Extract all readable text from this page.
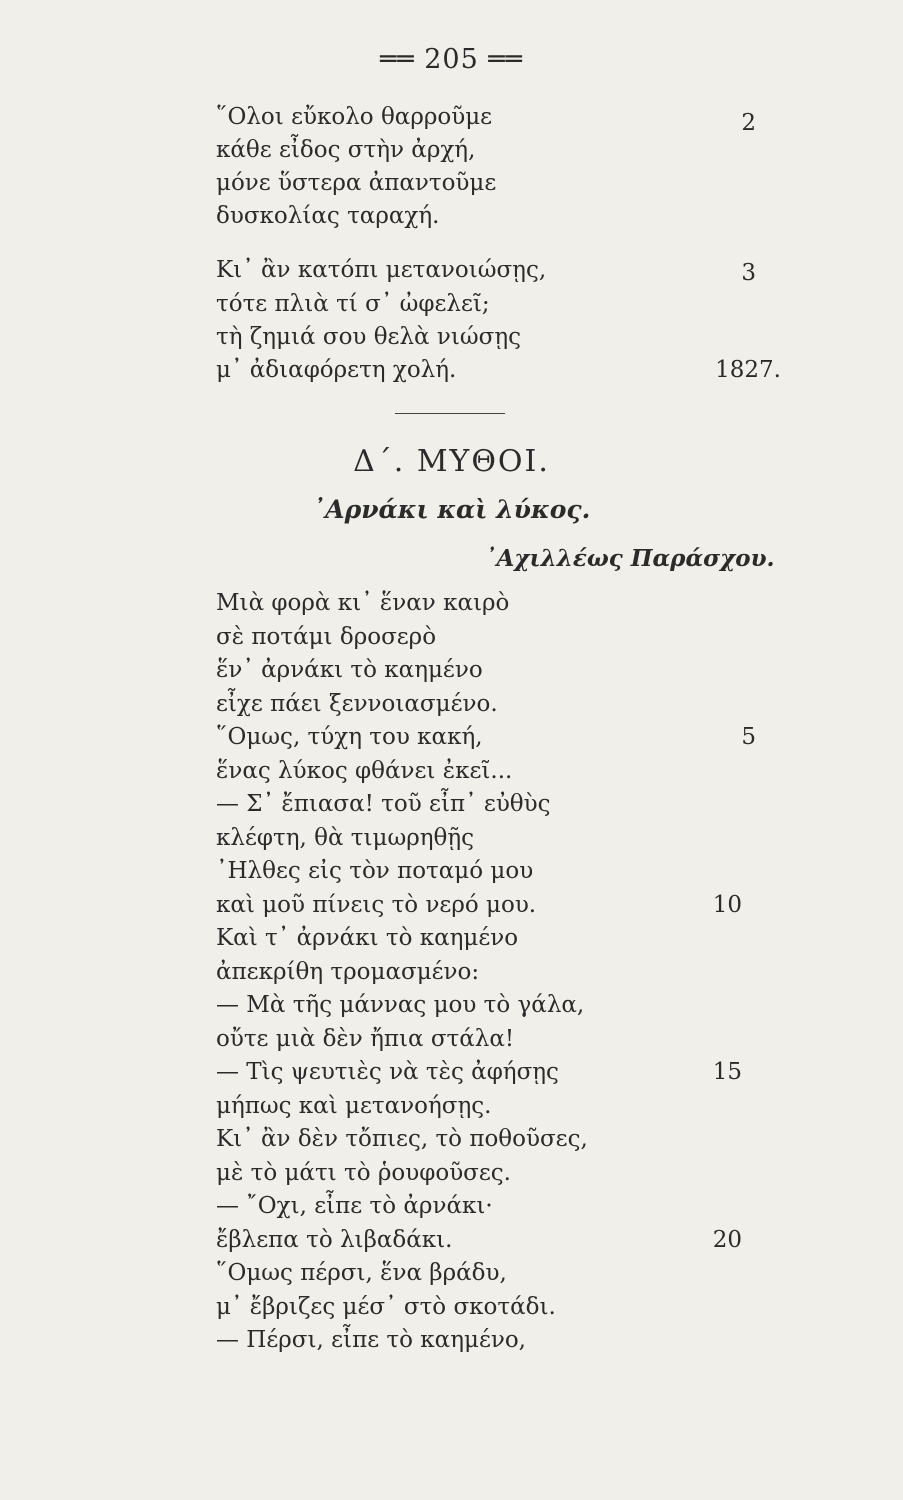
══ 205 ══
῞Ολοι εὔκολο θαρροῦμε
κάθε εἶδος στὴν ἀρχή,
μόνε ὕστερα ἀπαντοῦμε
δυσκολίας ταραχή.
2
Κι᾽ ἂν κατόπι μετανοιώσῃς,
τότε πλιὰ τί σ᾽ ὠφελεῖ;
τὴ ζημιά σου θελὰ νιώσῃς
μ᾽ ἀδιαφόρετη χολή.
3
1827.
Δ΄. ΜΥΘΟΙ.
᾿Αρνάκι καὶ λύκος.
᾿Αχιλλέως Παράσχου.
Μιὰ φορὰ κι᾽ ἕναν καιρὸ
σὲ ποτάμι δροσερὸ
ἕν᾽ ἀρνάκι τὸ καημένο
εἶχε πάει ξεννοιασμένο.
῞Ομως, τύχη του κακή,
ἕνας λύκος φθάνει ἐκεῖ...
— Σ᾽ ἔπιασα! τοῦ εἶπ᾽ εὐθὺς
κλέφτη, θὰ τιμωρηθῇς
᾿Ηλθες εἰς τὸν ποταμό μου
καὶ μοῦ πίνεις τὸ νερό μου.
Καὶ τ᾽ ἀρνάκι τὸ καημένο
ἀπεκρίθη τρομασμένο:
— Μὰ τῆς μάννας μου τὸ γάλα,
οὔτε μιὰ δὲν ἤπια στάλα!
— Τὶς ψευτιὲς νὰ τὲς ἀφήσῃς
μήπως καὶ μετανοήσῃς.
Κι᾽ ἂν δὲν τὄπιες, τὸ ποθοῦσες,
μὲ τὸ μάτι τὸ ῥουφοῦσες.
— ῎Οχι, εἶπε τὸ ἀρνάκι·
ἔβλεπα τὸ λιβαδάκι.
῞Ομως πέρσι, ἕνα βράδυ,
μ᾽ ἔβριζες μέσ᾽ στὸ σκοτάδι.
— Πέρσι, εἶπε τὸ καημένο,
5
10
15
20
